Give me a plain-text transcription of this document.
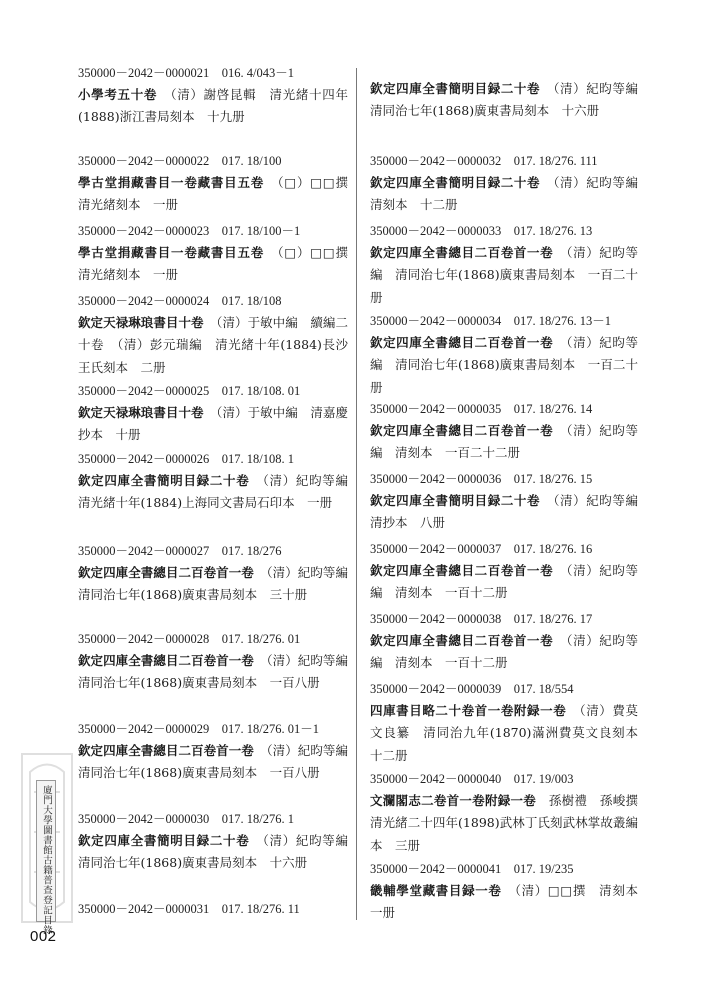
350000－2042－0000021　016. 4/043－1

小學考五十卷　 （清）謝啓昆輯　清光緒十四年(1888)浙江書局刻本　十九册

350000－2042－0000022　017. 18/100

學古堂捐藏書目一卷藏書目五卷　 （□）□□撰　清光緒刻本　一册

350000－2042－0000023　017. 18/100－1

學古堂捐藏書目一卷藏書目五卷　 （□）□□撰　清光緒刻本　一册

350000－2042－0000024　017. 18/108

欽定天禄琳琅書目十卷　 （清）于敏中編　續編二十卷　（清）彭元瑞編　清光緒十年(1884)長沙王氏刻本　二册

350000－2042－0000025　017. 18/108. 01

欽定天禄琳琅書目十卷　 （清）于敏中編　清嘉慶抄本　十册

350000－2042－0000026　017. 18/108. 1

欽定四庫全書簡明目録二十卷　 （清）紀昀等編　清光緒十年(1884)上海同文書局石印本　一册

350000－2042－0000027　017. 18/276

欽定四庫全書總目二百卷首一卷　 （清）紀昀等編　清同治七年(1868)廣東書局刻本　三十册

350000－2042－0000028　017. 18/276. 01

欽定四庫全書總目二百卷首一卷　 （清）紀昀等編　清同治七年(1868)廣東書局刻本　一百八册

350000－2042－0000029　017. 18/276. 01－1

欽定四庫全書總目二百卷首一卷　 （清）紀昀等編　清同治七年(1868)廣東書局刻本　一百八册

350000－2042－0000030　017. 18/276. 1

欽定四庫全書簡明目録二十卷　 （清）紀昀等編　清同治七年(1868)廣東書局刻本　十六册

350000－2042－0000031　017. 18/276. 11

欽定四庫全書簡明目録二十卷　 （清）紀昀等編　清同治七年(1868)廣東書局刻本　十六册

350000－2042－0000032　017. 18/276. 111

欽定四庫全書簡明目録二十卷　 （清）紀昀等編　清刻本　十二册

350000－2042－0000033　017. 18/276. 13

欽定四庫全書總目二百卷首一卷　 （清）紀昀等編　清同治七年(1868)廣東書局刻本　一百二十册

350000－2042－0000034　017. 18/276. 13－1

欽定四庫全書總目二百卷首一卷　 （清）紀昀等編　清同治七年(1868)廣東書局刻本　一百二十册

350000－2042－0000035　017. 18/276. 14

欽定四庫全書總目二百卷首一卷　 （清）紀昀等編　清刻本　一百二十二册

350000－2042－0000036　017. 18/276. 15

欽定四庫全書簡明目録二十卷　 （清）紀昀等編　清抄本　八册

350000－2042－0000037　017. 18/276. 16

欽定四庫全書總目二百卷首一卷　 （清）紀昀等編　清刻本　一百十二册

350000－2042－0000038　017. 18/276. 17

欽定四庫全書總目二百卷首一卷　 （清）紀昀等編　清刻本　一百十二册

350000－2042－0000039　017. 18/554

四庫書目略二十卷首一卷附録一卷　 （清）費莫文良纂　清同治九年(1870)滿洲費莫文良刻本　十二册

350000－2042－0000040　017. 19/003

文瀾閣志二卷首一卷附録一卷　 孫樹禮　孫峻撰　清光緒二十四年(1898)武林丁氏刻武林掌故叢編本　三册

350000－2042－0000041　017. 19/235

畿輔學堂藏書目録一卷　 （清）□□撰　清刻本　一册

廈門大學圖書館古籍普查登記目錄
002
